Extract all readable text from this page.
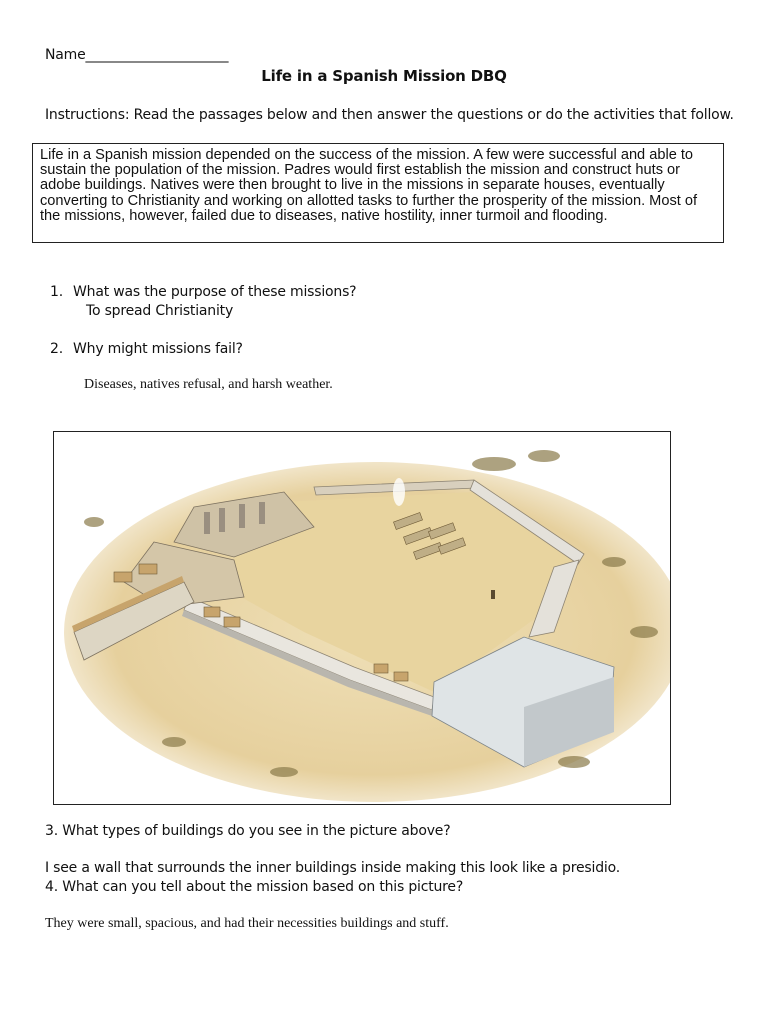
Name_____________________
Life in a Spanish Mission DBQ
Instructions: Read the passages below and then answer the questions or do the activities that follow.
Life in a Spanish mission depended on the success of the mission. A few were successful and able to sustain the population of the mission. Padres would first establish the mission and construct huts or adobe buildings. Natives were then brought to live in the missions in separate houses, eventually converting to Christianity and working on allotted tasks to further the prosperity of the mission. Most of the missions, however, failed due to diseases, native hostility, inner turmoil and flooding.
1. What was the purpose of these missions?
To spread Christianity
2. Why might missions fail?
Diseases, natives refusal, and harsh weather.
3. What types of buildings do you see in the picture above?
I see a wall that surrounds the inner buildings inside making this look like a presidio.
4. What can you tell about the mission based on this picture?
They were small, spacious, and had their necessities buildings and stuff.
